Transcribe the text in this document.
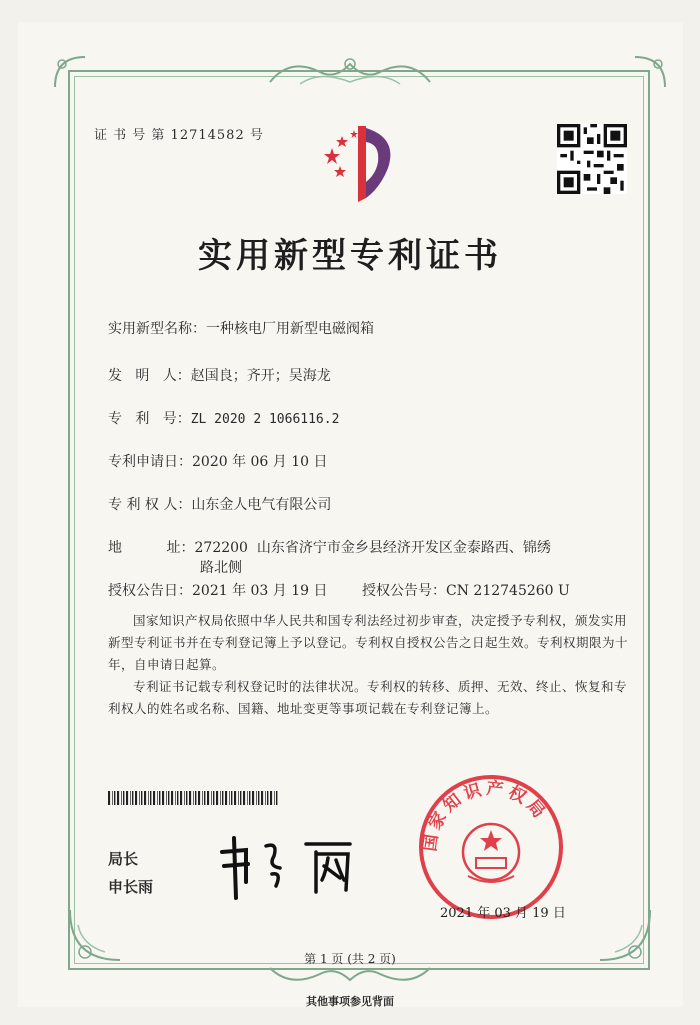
证 书 号 第 12714582 号
实用新型专利证书
实用新型名称：一种核电厂用新型电磁阀箱
发   明   人：赵国良；齐开；吴海龙
专   利   号：ZL 2020 2 1066116.2
专利申请日：2020 年 06 月 10 日
专 利 权 人：山东金人电气有限公司
地          址：272200  山东省济宁市金乡县经济开发区金泰路西、锦绣
路北侧
授权公告日：2021 年 03 月 19 日 授权公告号：CN 212745260 U
国家知识产权局依照中华人民共和国专利法经过初步审查，决定授予专利权，颁发实用
新型专利证书并在专利登记簿上予以登记。专利权自授权公告之日起生效。专利权期限为十
年，自申请日起算。
专利证书记载专利权登记时的法律状况。专利权的转移、质押、无效、终止、恢复和专
利权人的姓名或名称、国籍、地址变更等事项记载在专利登记簿上。
局长
申长雨
国家知识产权局
2021 年 03 月 19 日
第 1 页 (共 2 页)
其他事项参见背面
